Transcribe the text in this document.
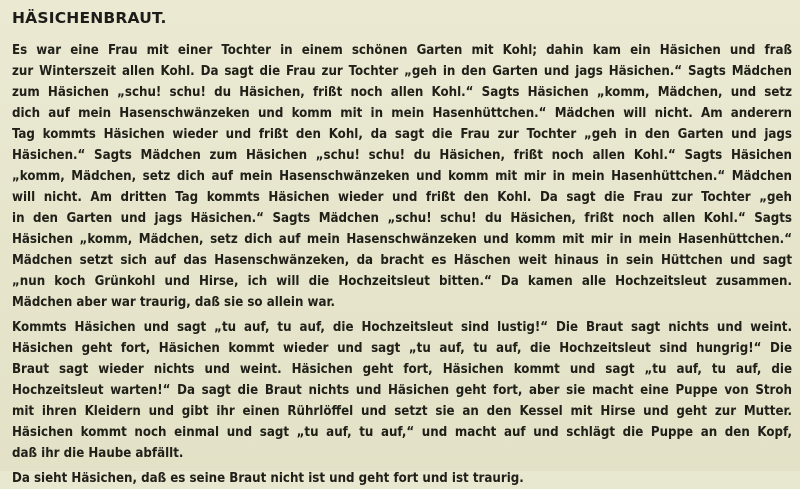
HÄSICHENBRAUT.
Es war eine Frau mit einer Tochter in einem schönen Garten mit Kohl; dahin kam ein Häsichen und fraß
zur Winterszeit allen Kohl. Da sagt die Frau zur Tochter „geh in den Garten und jags Häsichen.“ Sagts Mädchen
zum Häsichen „schu! schu! du Häsichen, frißt noch allen Kohl.“ Sagts Häsichen „komm, Mädchen, und setz
dich auf mein Hasenschwänzeken und komm mit in mein Hasenhüttchen.“ Mädchen will nicht. Am anderern
Tag kommts Häsichen wieder und frißt den Kohl, da sagt die Frau zur Tochter „geh in den Garten und jags
Häsichen.“ Sagts Mädchen zum Häsichen „schu! schu! du Häsichen, frißt noch allen Kohl.“ Sagts Häsichen
„komm, Mädchen, setz dich auf mein Hasenschwänzeken und komm mit mir in mein Hasenhüttchen.“ Mädchen
will nicht. Am dritten Tag kommts Häsichen wieder und frißt den Kohl. Da sagt die Frau zur Tochter „geh
in den Garten und jags Häsichen.“ Sagts Mädchen „schu! schu! du Häsichen, frißt noch allen Kohl.“ Sagts
Häsichen „komm, Mädchen, setz dich auf mein Hasenschwänzeken und komm mit mir in mein Hasenhüttchen.“
Mädchen setzt sich auf das Hasenschwänzeken, da bracht es Häschen weit hinaus in sein Hüttchen und sagt
„nun koch Grünkohl und Hirse, ich will die Hochzeitsleut bitten.“ Da kamen alle Hochzeitsleut zusammen.
Mädchen aber war traurig, daß sie so allein war.
Kommts Häsichen und sagt „tu auf, tu auf, die Hochzeitsleut sind lustig!“ Die Braut sagt nichts und weint.
Häsichen geht fort, Häsichen kommt wieder und sagt „tu auf, tu auf, die Hochzeitsleut sind hungrig!“ Die
Braut sagt wieder nichts und weint. Häsichen geht fort, Häsichen kommt und sagt „tu auf, tu auf, die
Hochzeitsleut warten!“ Da sagt die Braut nichts und Häsichen geht fort, aber sie macht eine Puppe von Stroh
mit ihren Kleidern und gibt ihr einen Rührlöffel und setzt sie an den Kessel mit Hirse und geht zur Mutter.
Häsichen kommt noch einmal und sagt „tu auf, tu auf,“ und macht auf und schlägt die Puppe an den Kopf,
daß ihr die Haube abfällt.
Da sieht Häsichen, daß es seine Braut nicht ist und geht fort und ist traurig.
